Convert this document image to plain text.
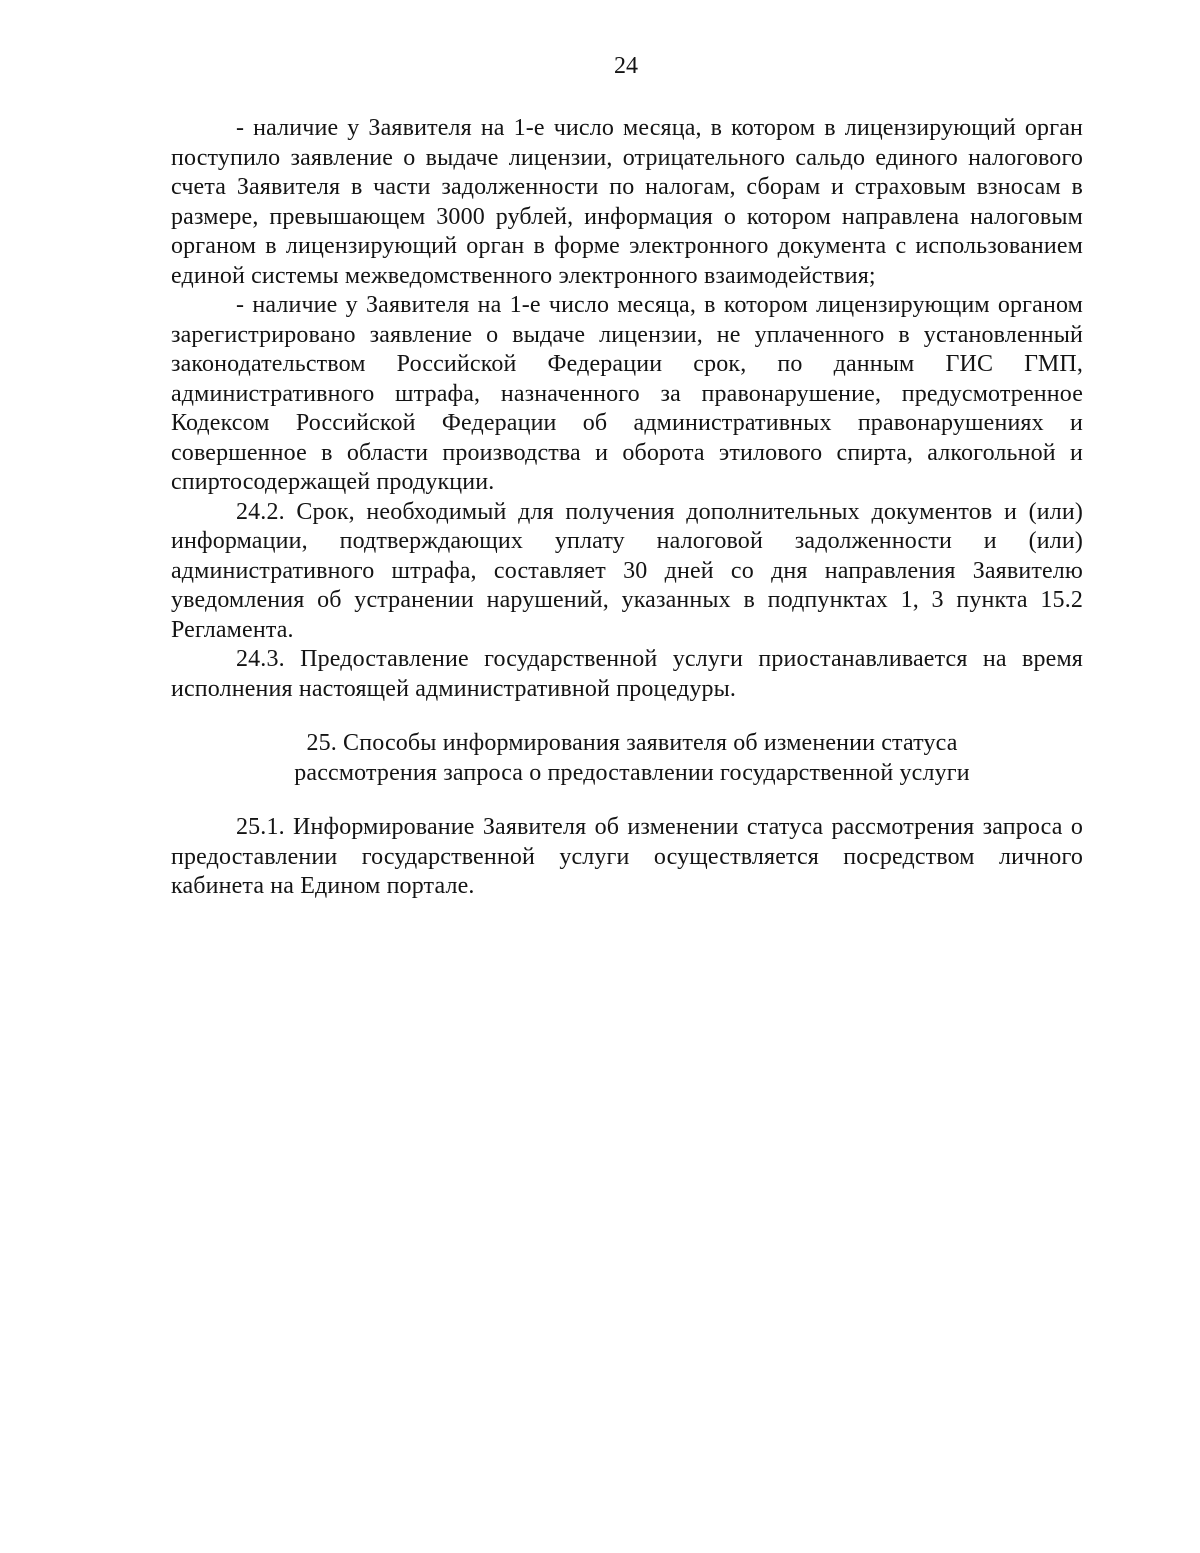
24

- наличие у Заявителя на 1-е число месяца, в котором в лицензирующий орган поступило заявление о выдаче лицензии, отрицательного сальдо единого налогового счета Заявителя в части задолженности по налогам, сборам и страховым взносам в размере, превышающем 3000 рублей, информация о котором направлена налоговым органом в лицензирующий орган в форме электронного документа с использованием единой системы межведомственного электронного взаимодействия;

- наличие у Заявителя на 1-е число месяца, в котором лицензирующим органом зарегистрировано заявление о выдаче лицензии, не уплаченного в установленный законодательством Российской Федерации срок, по данным ГИС ГМП, административного штрафа, назначенного за правонарушение, предусмотренное Кодексом Российской Федерации об административных правонарушениях и совершенное в области производства и оборота этилового спирта, алкогольной и спиртосодержащей продукции.

24.2. Срок, необходимый для получения дополнительных документов и (или) информации, подтверждающих уплату налоговой задолженности и (или) административного штрафа, составляет 30 дней со дня направления Заявителю уведомления об устранении нарушений, указанных в подпунктах 1, 3 пункта 15.2 Регламента.

24.3. Предоставление государственной услуги приостанавливается на время исполнения настоящей административной процедуры.

25. Способы информирования заявителя об изменении статуса
рассмотрения запроса о предоставлении государственной услуги

25.1. Информирование Заявителя об изменении статуса рассмотрения запроса о предоставлении государственной услуги осуществляется посредством личного кабинета на Едином портале.
